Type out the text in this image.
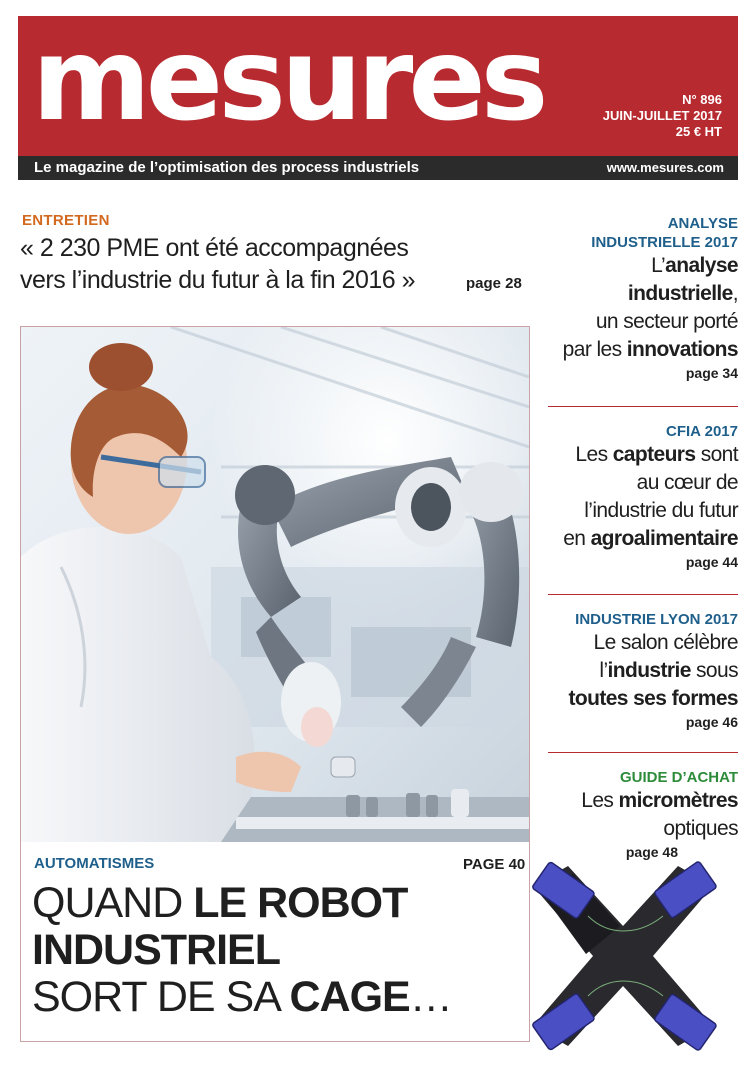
mesures	N° 896
JUIN-JUILLET 2017
25 € HT
Le magazine de l’optimisation des process industriels	www.mesures.com
ENTRETIEN
« 2 230 PME ont été accompagnées
vers l’industrie du futur à la fin 2016 »	page 28
AUTOMATISMES	PAGE 40
QUAND LE ROBOT
INDUSTRIEL
SORT DE SA CAGE…
ANALYSE
INDUSTRIELLE 2017
L’analyse
industrielle,
un secteur porté
par les innovations
page 34
CFIA 2017
Les capteurs sont
au cœur de
l’industrie du futur
en agroalimentaire
page 44
INDUSTRIE LYON 2017
Le salon célèbre
l’industrie sous
toutes ses formes
page 46
GUIDE D’ACHAT
Les micromètres
optiques
page 48
